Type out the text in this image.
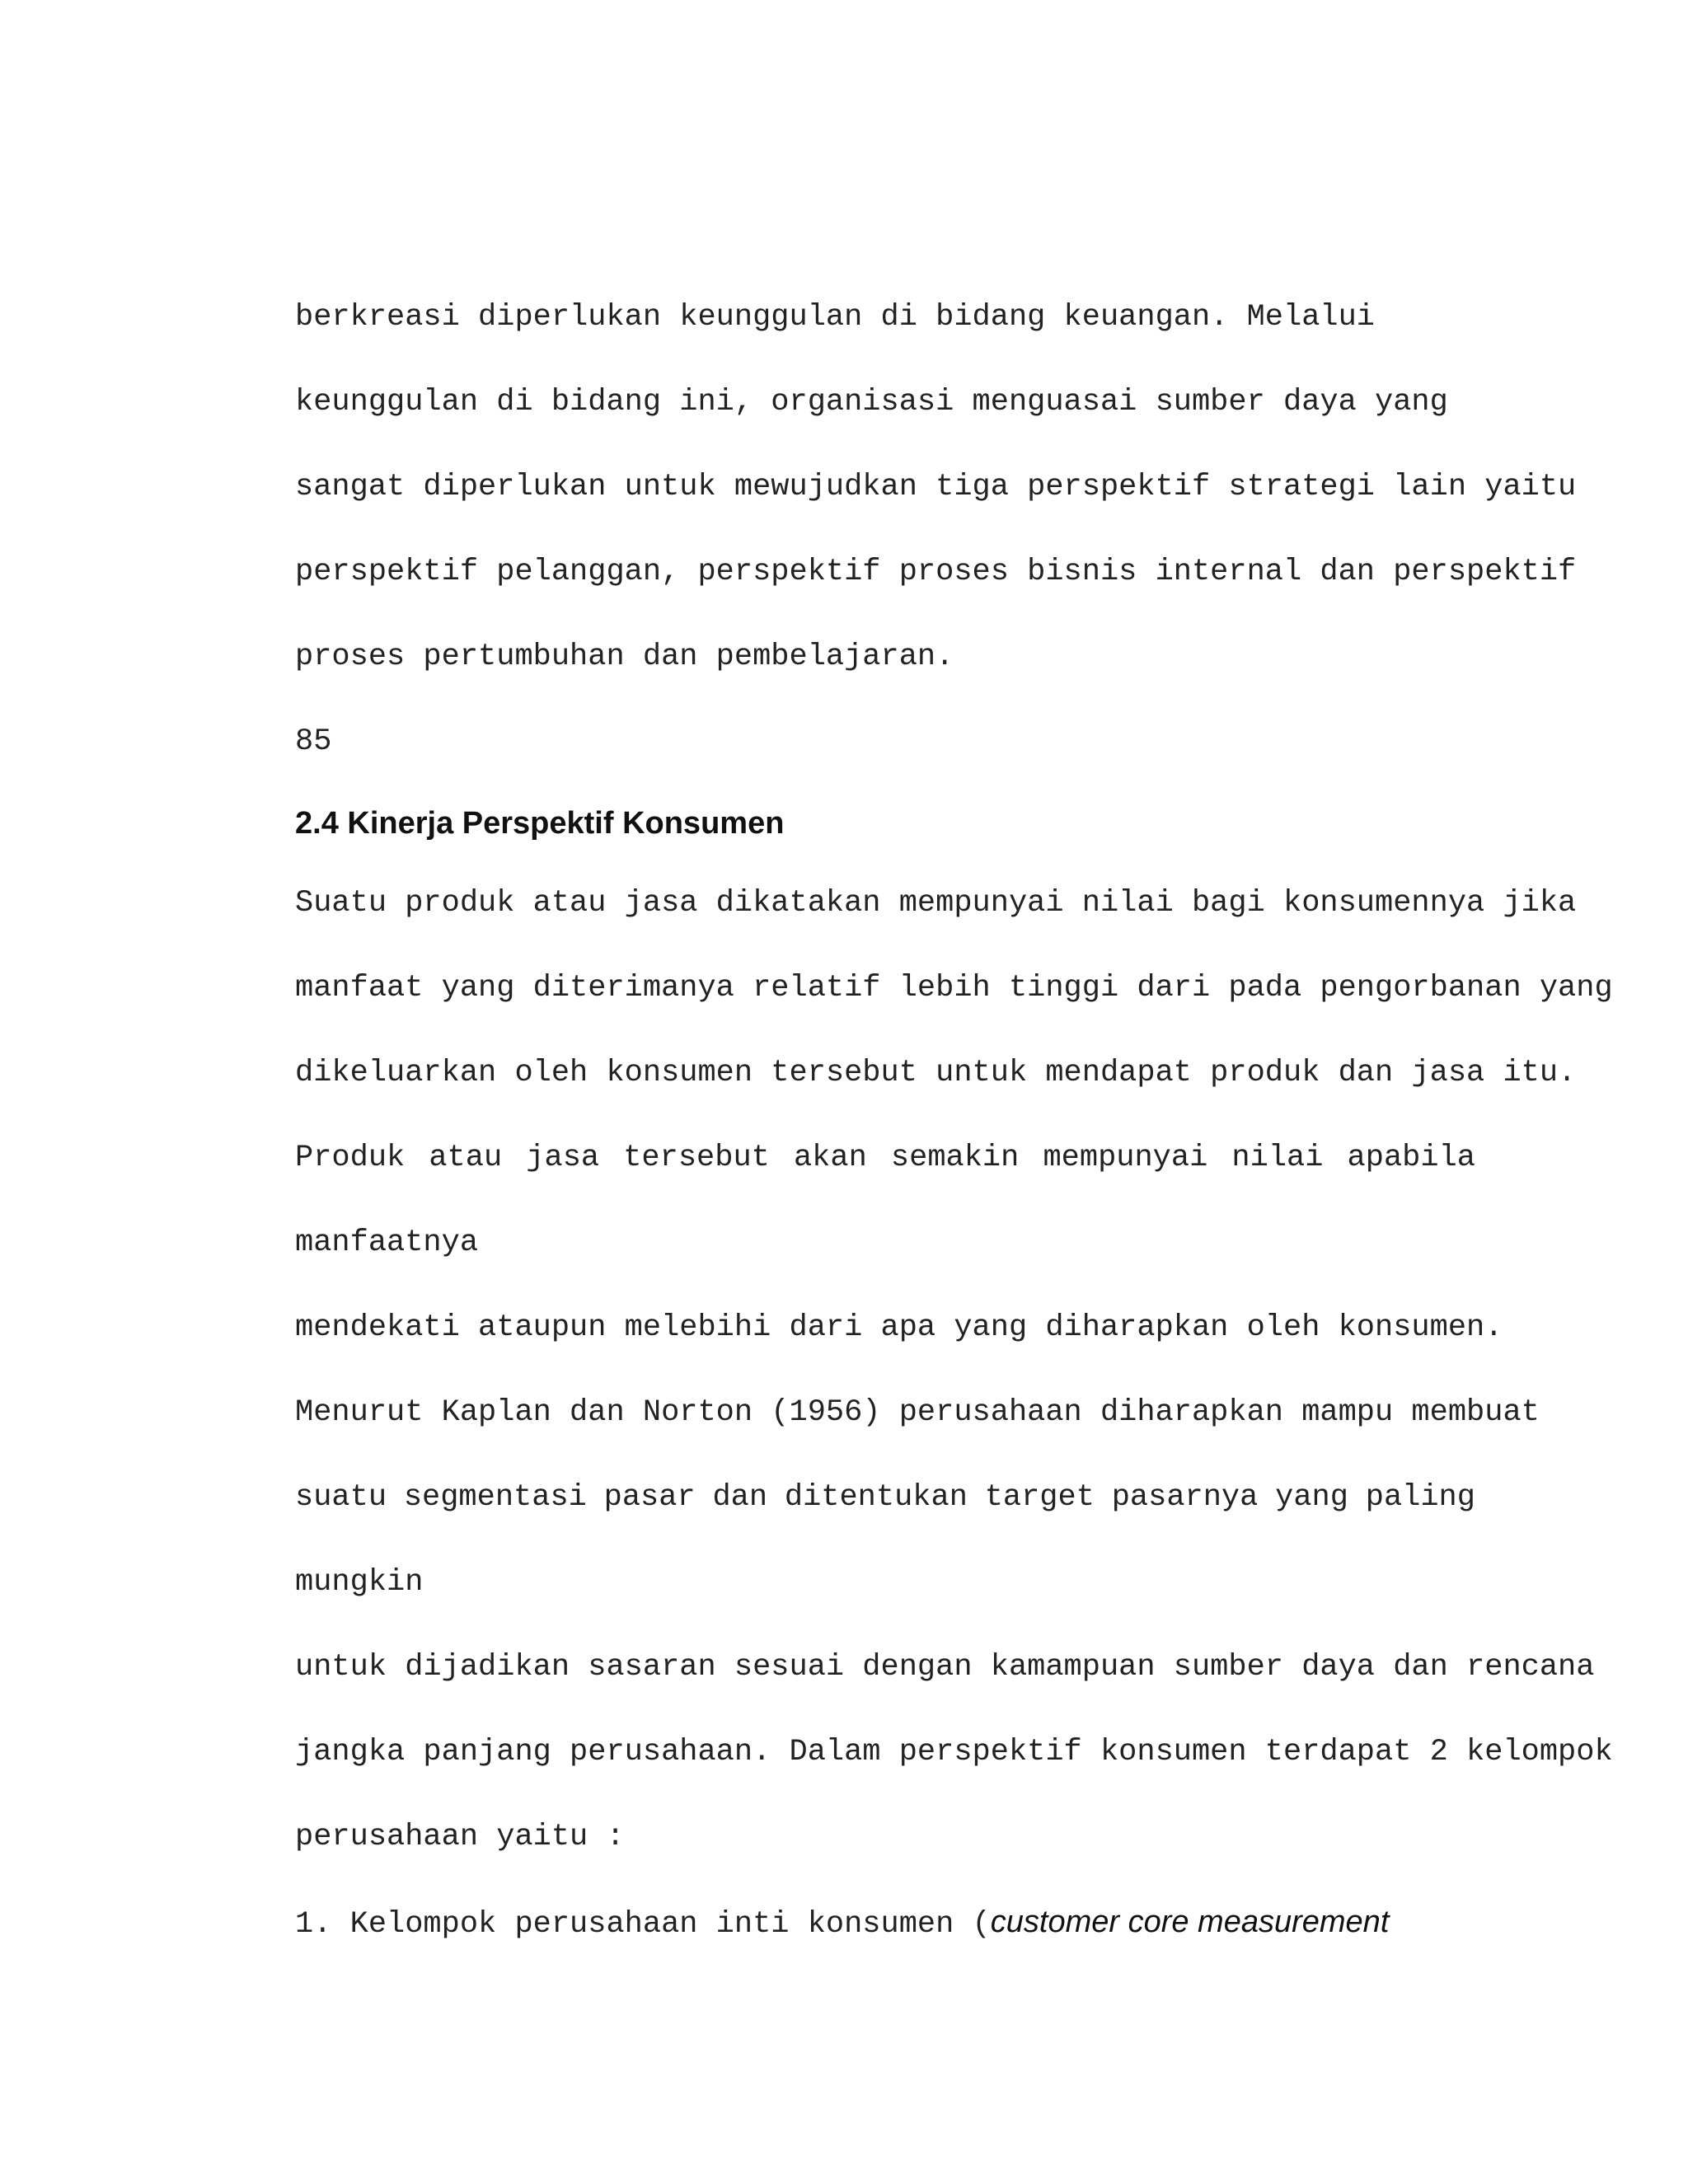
berkreasi diperlukan keunggulan di bidang keuangan. Melalui
keunggulan di bidang ini, organisasi menguasai sumber daya yang
sangat diperlukan untuk mewujudkan tiga perspektif strategi lain yaitu
perspektif pelanggan, perspektif proses bisnis internal dan perspektif
proses pertumbuhan dan pembelajaran.
85
2.4 Kinerja Perspektif Konsumen
Suatu produk atau jasa dikatakan mempunyai nilai bagi konsumennya jika
manfaat yang diterimanya relatif lebih tinggi dari pada pengorbanan yang
dikeluarkan oleh konsumen tersebut untuk mendapat produk dan jasa itu.
Produk atau jasa tersebut akan semakin mempunyai nilai apabila
manfaatnya
mendekati ataupun melebihi dari apa yang diharapkan oleh konsumen.
Menurut Kaplan dan Norton (1956) perusahaan diharapkan mampu membuat
suatu segmentasi pasar dan ditentukan target pasarnya yang paling
mungkin
untuk dijadikan sasaran sesuai dengan kamampuan sumber daya dan rencana
jangka panjang perusahaan. Dalam perspektif konsumen terdapat 2 kelompok
perusahaan yaitu :
1. Kelompok perusahaan inti konsumen (customer core measurement
